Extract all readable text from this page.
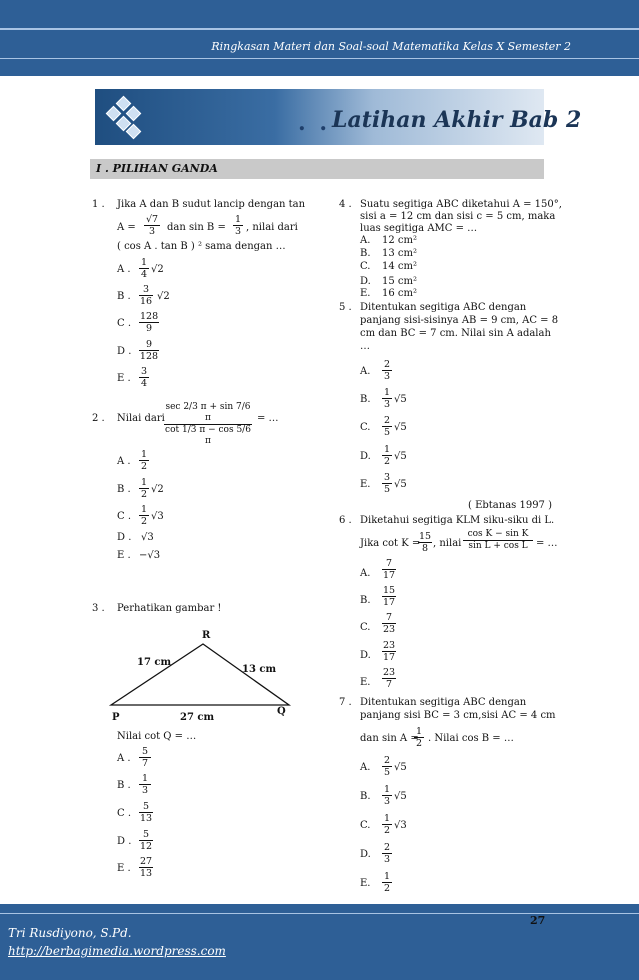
Ringkasan Materi dan Soal-soal Matematika Kelas X Semester 2
. . Latihan Akhir Bab 2
I . PILIHAN GANDA
1 . Jika A dan B sudut lancip dengan tan
A =
√7
3	dan sin B =
1
3 , nilai dari
( cos A . tan B ) ² sama dengan …
A .
1
4 √2
B .
3
16 √2
C .
128
9
D .
9
128
E .
3
4
2 . Nilai dari
sec 2/3 π + sin 7/6 π
cot 1/3 π − cos 5/6 π
= …
A .
1
2
B .
1
2 √2
C .
1
2 √3
D . √3
E . −√3
3 . Perhatikan gambar !
R
P
Q
17 cm
13 cm
27 cm
Nilai cot Q = …
A .
5
7
B .
1
3
C .
5
13
D .
5
12
E .
27
13
4 . Suatu segitiga ABC diketahui A = 150°,
sisi a = 12 cm dan sisi c = 5 cm, maka
luas segitiga AMC = …
A. 12 cm²
B. 13 cm²
C. 14 cm²
D. 15 cm²
E. 16 cm²
5 . Ditentukan segitiga ABC dengan
panjang sisi-sisinya AB = 9 cm, AC = 8
cm dan BC = 7 cm. Nilai sin A adalah
…
A.
2
3
B.
1
3 √5
C.
2
5 √5
D.
1
2 √5
E.
3
5 √5
( Ebtanas 1997 )
6 . Diketahui segitiga KLM siku-siku di L.
Jika cot K =
15
8 , nilai
cos K − sin K
sin L + cos L = …
A.
7
17
B.
15
17
C.
7
23
D.
23
17
E.
23
7
7 . Ditentukan segitiga ABC dengan
panjang sisi BC = 3 cm,sisi AC = 4 cm
dan sin A =
1
2 . Nilai cos B = …
A.
2
5 √5
B.
1
3 √5
C.
1
2 √3
D.
2
3
E.
1
2
27
Tri Rusdiyono, S.Pd.
http://berbagimedia.wordpress.com
